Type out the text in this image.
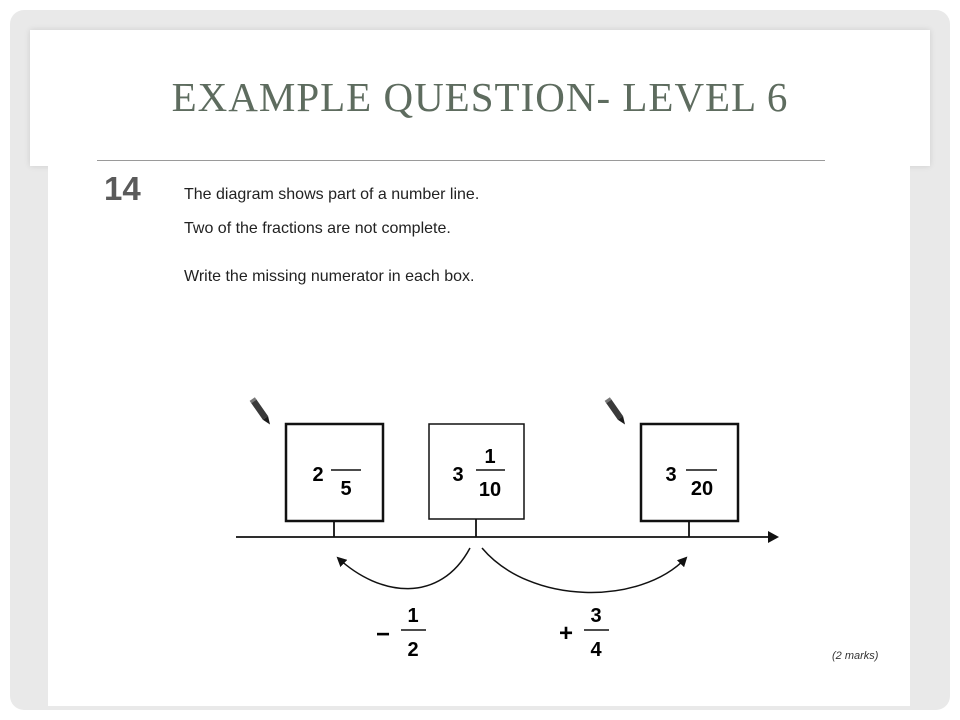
EXAMPLE QUESTION- LEVEL 6
14	The diagram shows part of a number line.
Two of the fractions are not complete.
Write the missing numerator in each box.
2
5
3
1
10
3
20
−
1
2
+
3
4	(2 marks)
